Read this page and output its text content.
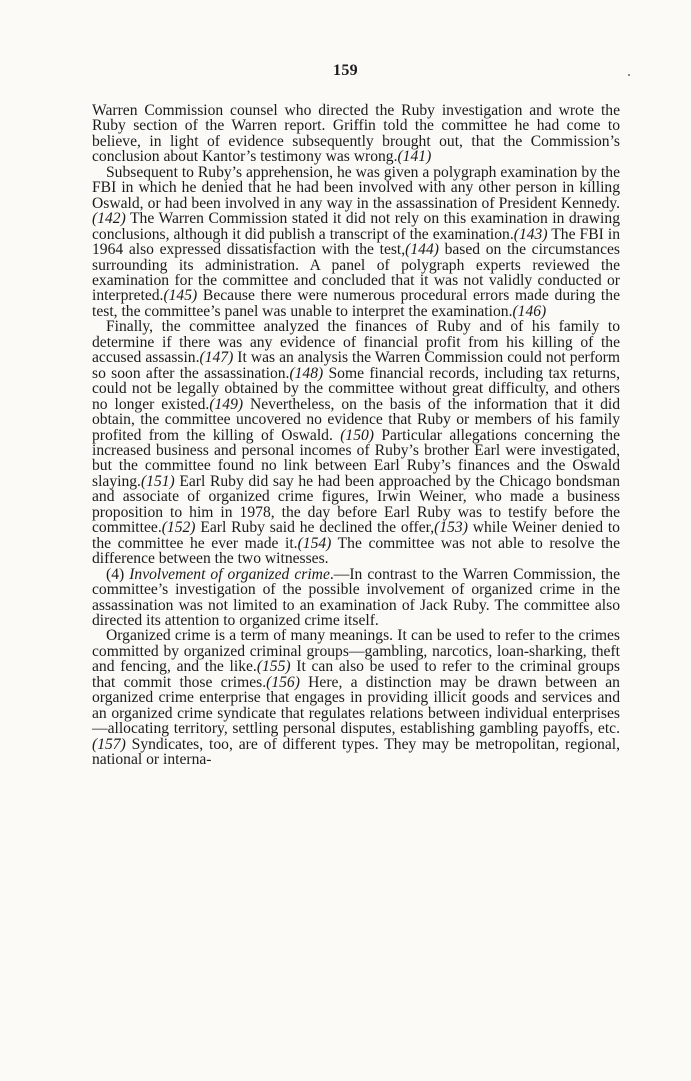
159

Warren Commission counsel who directed the Ruby investigation and wrote the Ruby section of the Warren report. Griffin told the committee he had come to believe, in light of evidence subsequently brought out, that the Commission’s conclusion about Kantor’s testimony was wrong.(141)

Subsequent to Ruby’s apprehension, he was given a polygraph examination by the FBI in which he denied that he had been involved with any other person in killing Oswald, or had been involved in any way in the assassination of President Kennedy.(142) The Warren Commission stated it did not rely on this examination in drawing conclusions, although it did publish a transcript of the examination.(143) The FBI in 1964 also expressed dissatisfaction with the test,(144) based on the circumstances surrounding its administration. A panel of polygraph experts reviewed the examination for the committee and concluded that it was not validly conducted or interpreted.(145) Because there were numerous procedural errors made during the test, the committee’s panel was unable to interpret the examination.(146)

Finally, the committee analyzed the finances of Ruby and of his family to determine if there was any evidence of financial profit from his killing of the accused assassin.(147) It was an analysis the Warren Commission could not perform so soon after the assassination.(148) Some financial records, including tax returns, could not be legally obtained by the committee without great difficulty, and others no longer existed.(149) Nevertheless, on the basis of the information that it did obtain, the committee uncovered no evidence that Ruby or members of his family profited from the killing of Oswald. (150) Particular allegations concerning the increased business and personal incomes of Ruby’s brother Earl were investigated, but the committee found no link between Earl Ruby’s finances and the Oswald slaying.(151) Earl Ruby did say he had been approached by the Chicago bondsman and associate of organized crime figures, Irwin Weiner, who made a business proposition to him in 1978, the day before Earl Ruby was to testify before the committee.(152) Earl Ruby said he declined the offer,(153) while Weiner denied to the committee he ever made it.(154) The committee was not able to resolve the difference between the two witnesses.

(4) Involvement of organized crime.—In contrast to the Warren Commission, the committee’s investigation of the possible involvement of organized crime in the assassination was not limited to an examination of Jack Ruby. The committee also directed its attention to organized crime itself.

Organized crime is a term of many meanings. It can be used to refer to the crimes committed by organized criminal groups—gambling, narcotics, loan-sharking, theft and fencing, and the like.(155) It can also be used to refer to the criminal groups that commit those crimes.(156) Here, a distinction may be drawn between an organized crime enterprise that engages in providing illicit goods and services and an organized crime syndicate that regulates relations between individual enterprises—allocating territory, settling personal disputes, establishing gambling payoffs, etc.(157) Syndicates, too, are of different types. They may be metropolitan, regional, national or interna-
